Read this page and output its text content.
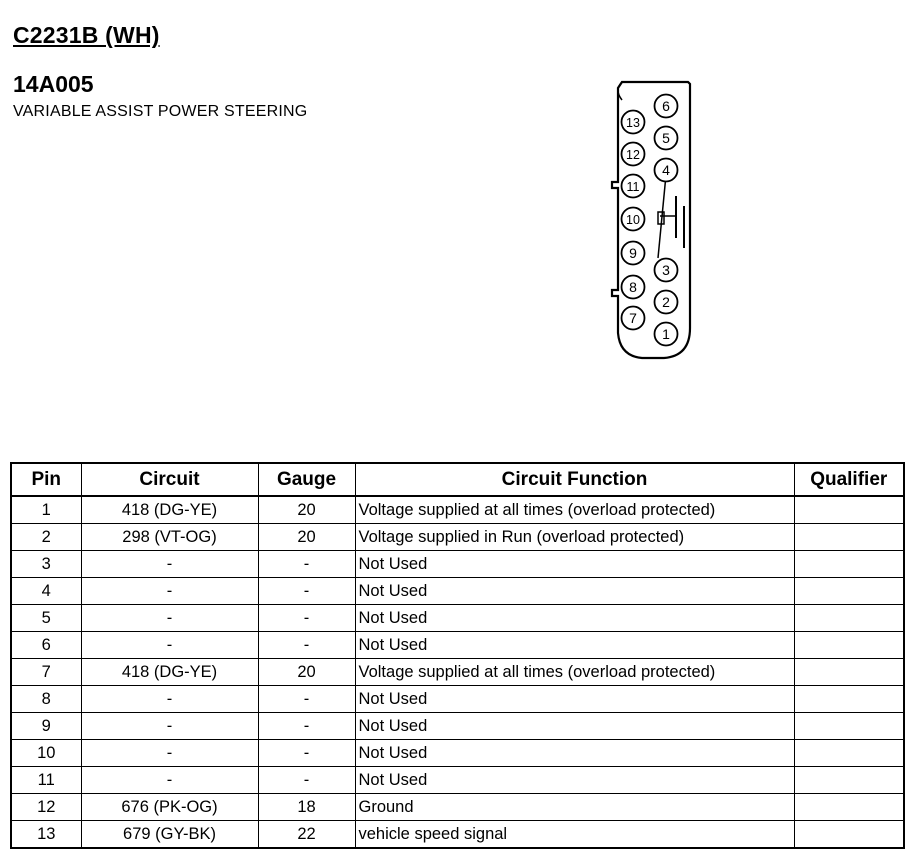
C2231B (WH)
14A005
VARIABLE ASSIST POWER STEERING
13
12
11
10
9
8
7
6
5
4
3
2
1
Pin	Circuit	Gauge	Circuit Function	Qualifier
1	418 (DG-YE)	20	Voltage supplied at all times (overload protected)	
2	298 (VT-OG)	20	Voltage supplied in Run (overload protected)	
3	-	-	Not Used	
4	-	-	Not Used	
5	-	-	Not Used	
6	-	-	Not Used	
7	418 (DG-YE)	20	Voltage supplied at all times (overload protected)	
8	-	-	Not Used	
9	-	-	Not Used	
10	-	-	Not Used	
11	-	-	Not Used	
12	676 (PK-OG)	18	Ground	
13	679 (GY-BK)	22	vehicle speed signal	
